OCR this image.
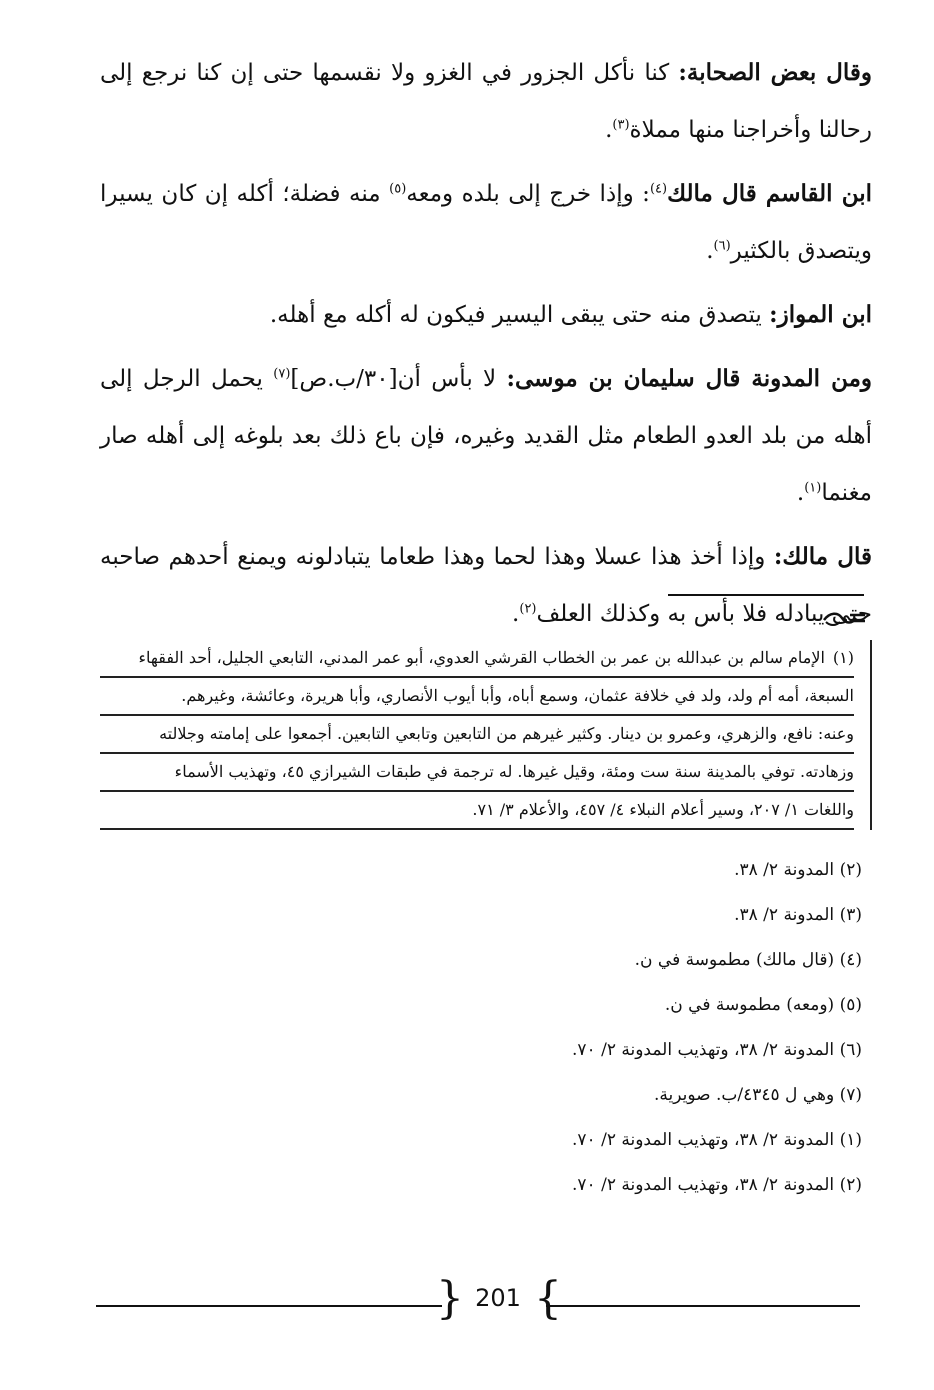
وقال بعض الصحابة: كنا نأكل الجزور في الغزو ولا نقسمها حتى إن كنا نرجع إلى رحالنا وأخراجنا منها مملاة$^{(٣)}$.

ابن القاسم قال مالك$^{(٤)}$: وإذا خرج إلى بلده ومعه$^{(٥)}$ منه فضلة؛ أكله إن كان يسيرا ويتصدق بالكثير$^{(٦)}$.

ابن المواز: يتصدق منه حتى يبقى اليسير فيكون له أكله مع أهله.

ومن المدونة قال سليمان بن موسى: لا بأس أن[٣٠/ب.ص]$^{(٧)}$ يحمل الرجل إلى أهله من بلد العدو الطعام مثل القديد وغيره، فإن باع ذلك بعد بلوغه إلى أهله صار مغنما$^{(١)}$.

قال مالك: وإذا أخذ هذا عسلا وهذا لحما وهذا طعاما يتبادلونه ويمنع أحدهم صاحبه حتى يبادله فلا بأس به وكذلك العلف$^{(٢)}$.

(١)الإمام سالم بن عبدالله بن عمر بن الخطاب القرشي العدوي، أبو عمر المدني، التابعي الجليل، أحد الفقهاء
السبعة، أمه أم ولد، ولد في خلافة عثمان، وسمع أباه، وأبا أيوب الأنصاري، وأبا هريرة، وعائشة، وغيرهم.
وعنه: نافع، والزهري، وعمرو بن دينار. وكثير غيرهم من التابعين وتابعي التابعين. أجمعوا على إمامته وجلالته
وزهادته. توفي بالمدينة سنة ست ومئة، وقيل غيرها. له ترجمة في طبقات الشيرازي ٤٥، وتهذيب الأسماء
واللغات ١/ ٢٠٧، وسير أعلام النبلاء ٤/ ٤٥٧، والأعلام ٣/ ٧١.
(٢) المدونة ٢/ ٣٨.
(٣) المدونة ٢/ ٣٨.
(٤) (قال مالك) مطموسة في ن.
(٥) (ومعه) مطموسة في ن.
(٦) المدونة ٢/ ٣٨، وتهذيب المدونة ٢/ ٧٠.
(٧) وهي ل ٤٣٤٥/ب. صويرية.
(١) المدونة ٢/ ٣٨، وتهذيب المدونة ٢/ ٧٠.
(٢) المدونة ٢/ ٣٨، وتهذيب المدونة ٢/ ٧٠.
{ 201 }
